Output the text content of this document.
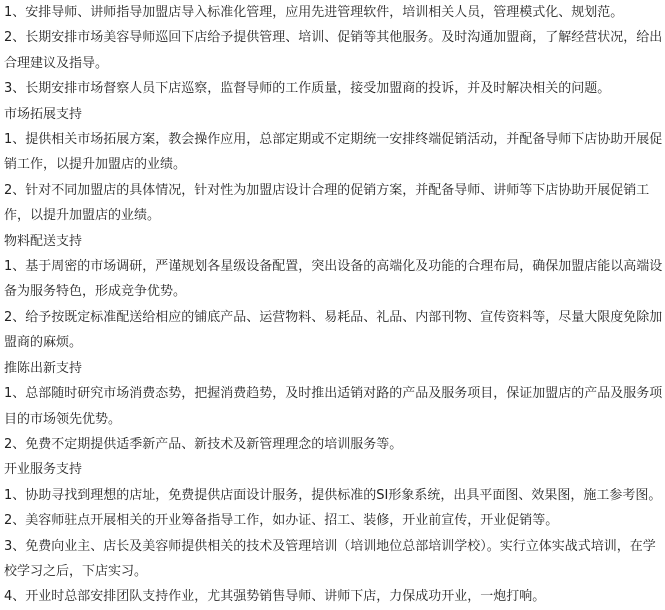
1、安排导师、讲师指导加盟店导入标准化管理，应用先进管理软件，培训相关人员，管理模式化、规划范。
2、长期安排市场美容导师巡回下店给予提供管理、培训、促销等其他服务。及时沟通加盟商，了解经营状况，给出
合理建议及指导。
3、长期安排市场督察人员下店巡察，监督导师的工作质量，接受加盟商的投诉，并及时解决相关的问题。
市场拓展支持
1、提供相关市场拓展方案，教会操作应用，总部定期或不定期统一安排终端促销活动，并配备导师下店协助开展促
销工作，以提升加盟店的业绩。
2、针对不同加盟店的具体情况，针对性为加盟店设计合理的促销方案，并配备导师、讲师等下店协助开展促销工
作，以提升加盟店的业绩。
物料配送支持
1、基于周密的市场调研，严谨规划各星级设备配置，突出设备的高端化及功能的合理布局，确保加盟店能以高端设
备为服务特色，形成竞争优势。
2、给予按既定标准配送给相应的铺底产品、运营物料、易耗品、礼品、内部刊物、宣传资料等，尽量大限度免除加
盟商的麻烦。
推陈出新支持
1、总部随时研究市场消费态势，把握消费趋势，及时推出适销对路的产品及服务项目，保证加盟店的产品及服务项
目的市场领先优势。
2、免费不定期提供适季新产品、新技术及新管理理念的培训服务等。
开业服务支持
1、协助寻找到理想的店址，免费提供店面设计服务，提供标准的SI形象系统，出具平面图、效果图，施工参考图。
2、美容师驻点开展相关的开业筹备指导工作，如办证、招工、装修，开业前宣传，开业促销等。
3、免费向业主、店长及美容师提供相关的技术及管理培训（培训地位总部培训学校）。实行立体实战式培训，在学
校学习之后，下店实习。
4、开业时总部安排团队支持作业，尤其强势销售导师、讲师下店，力保成功开业，一炮打响。
